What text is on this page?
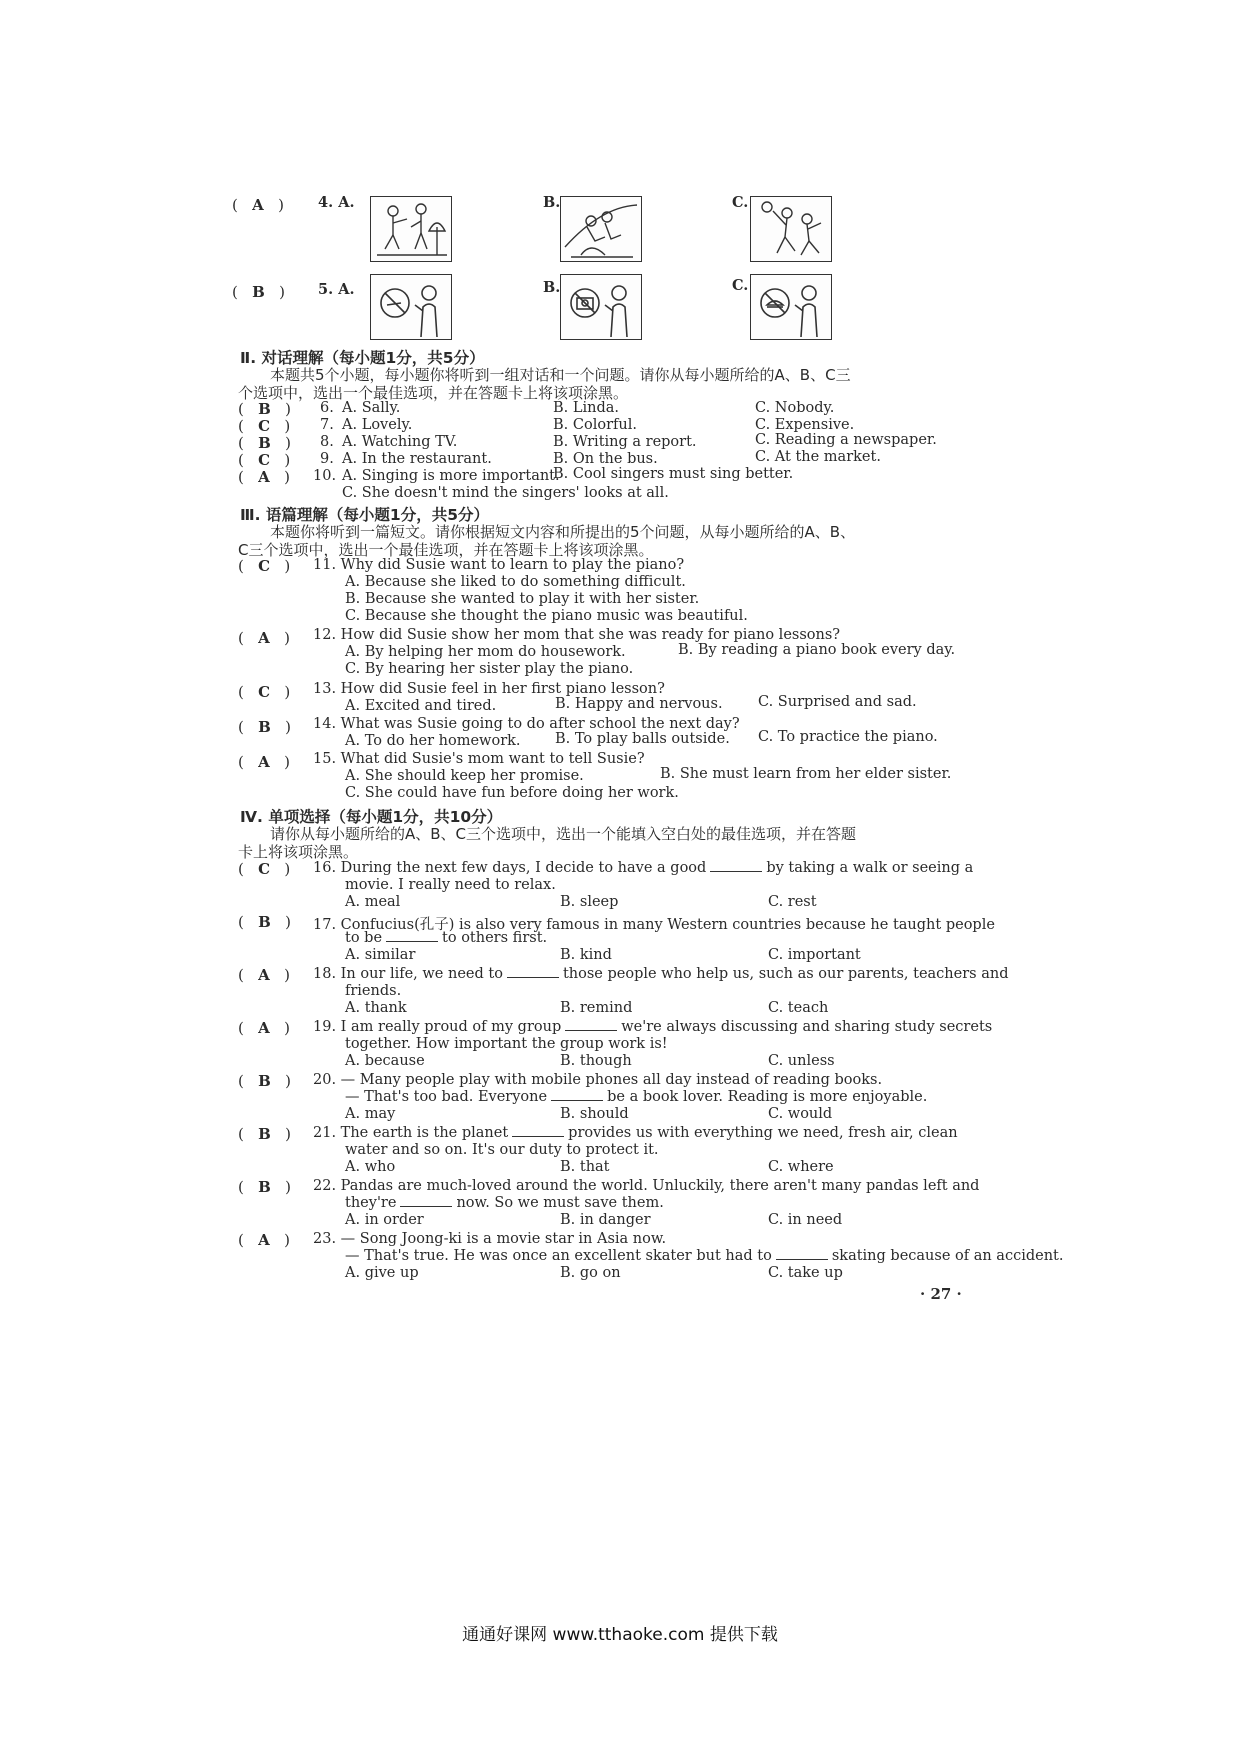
(   A   ) 4. A.	B.	C.
(   B   ) 5. A.	B.	C.
Ⅱ. 对话理解（每小题1分，共5分）
本题共5个小题，每小题你将听到一组对话和一个问题。请你从每小题所给的A、B、C三
个选项中，选出一个最佳选项，并在答题卡上将该项涂黑。
(   B   ) 6. A. Sally.	B. Linda.	C. Nobody.
(   C   ) 7. A. Lovely.	B. Colorful.	C. Expensive.
(   B   ) 8. A. Watching TV.	B. Writing a report.	C. Reading a newspaper.
(   C   ) 9. A. In the restaurant.	B. On the bus.	C. At the market.
(   A   ) 10. A. Singing is more important.
B. Cool singers must sing better.
C. She doesn't mind the singers' looks at all.
Ⅲ. 语篇理解（每小题1分，共5分）
本题你将听到一篇短文。请你根据短文内容和所提出的5个问题，从每小题所给的A、B、
C三个选项中，选出一个最佳选项，并在答题卡上将该项涂黑。
(   C   ) 11. Why did Susie want to learn to play the piano?
A. Because she liked to do something difficult.
B. Because she wanted to play it with her sister.
C. Because she thought the piano music was beautiful.
(   A   ) 12. How did Susie show her mom that she was ready for piano lessons?
A. By helping her mom do housework.	B. By reading a piano book every day.
C. By hearing her sister play the piano.
(   C   ) 13. How did Susie feel in her first piano lesson?
A. Excited and tired.	B. Happy and nervous. C. Surprised and sad.
(   B   ) 14. What was Susie going to do after school the next day?
A. To do her homework. B. To play balls outside. C. To practice the piano.
(   A   ) 15. What did Susie's mom want to tell Susie?
A. She should keep her promise.	B. She must learn from her elder sister.
C. She could have fun before doing her work.
Ⅳ. 单项选择（每小题1分，共10分）
请你从每小题所给的A、B、C三个选项中，选出一个能填入空白处的最佳选项，并在答题
卡上将该项涂黑。
(   C   ) 16. During the next few days, I decide to have a good	by taking a walk or seeing a
movie. I really need to relax.
A. meal	B. sleep	C. rest
(   B   ) 17. Confucius(孔子) is also very famous in many Western countries because he taught people
to be	to others first.
A. similar	B. kind	C. important
(   A   ) 18. In our life, we need to	those people who help us, such as our parents, teachers and
friends.
A. thank	B. remind	C. teach
(   A   ) 19. I am really proud of my group	we're always discussing and sharing study secrets
together. How important the group work is!
A. because	B. though	C. unless
(   B   ) 20. — Many people play with mobile phones all day instead of reading books.
— That's too bad. Everyone	be a book lover. Reading is more enjoyable.
A. may	B. should	C. would
(   B   ) 21. The earth is the planet	provides us with everything we need, fresh air, clean
water and so on. It's our duty to protect it.
A. who	B. that	C. where
(   B   ) 22. Pandas are much-loved around the world. Unluckily, there aren't many pandas left and
they're	now. So we must save them.
A. in order	B. in danger	C. in need
(   A   ) 23. — Song Joong-ki is a movie star in Asia now.
— That's true. He was once an excellent skater but had to	skating because of an accident.
A. give up	B. go on	C. take up
· 27 ·
通通好课网 www.tthaoke.com 提供下载
